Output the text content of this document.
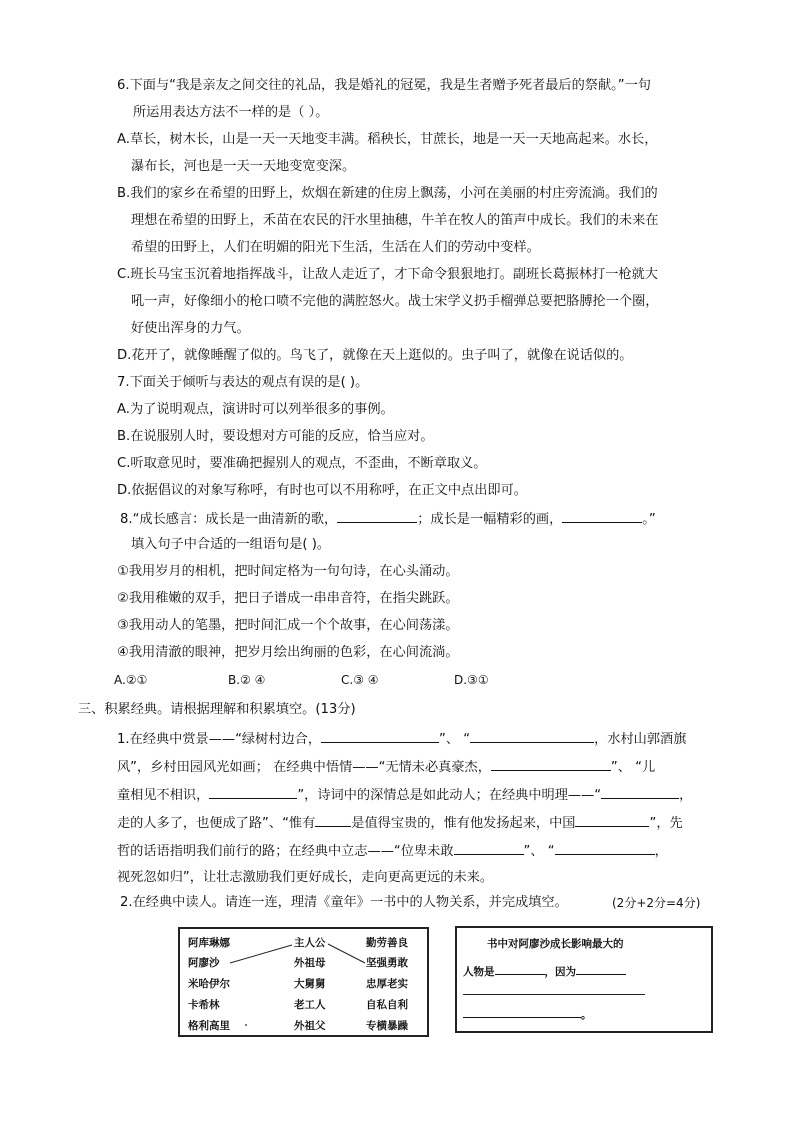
6.下面与“我是亲友之间交往的礼品，我是婚礼的冠冕，我是生者赠予死者最后的祭献。”一句
所运用表达方法不一样的是（ ）。
A.草长，树木长，山是一天一天地变丰满。稻秧长，甘蔗长，地是一天一天地高起来。水长，
瀑布长，河也是一天一天地变宽变深。
B.我们的家乡在希望的田野上，炊烟在新建的住房上飘荡，小河在美丽的村庄旁流淌。我们的
理想在希望的田野上，禾苗在农民的汗水里抽穗，牛羊在牧人的笛声中成长。我们的未来在
希望的田野上，人们在明媚的阳光下生活，生活在人们的劳动中变样。
C.班长马宝玉沉着地指挥战斗，让敌人走近了，才下命令狠狠地打。副班长葛振林打一枪就大
吼一声，好像细小的枪口喷不完他的满腔怒火。战士宋学义扔手榴弹总要把胳膊抡一个圈，
好使出浑身的力气。
D.花开了，就像睡醒了似的。鸟飞了，就像在天上逛似的。虫子叫了，就像在说话似的。
7.下面关于倾听与表达的观点有误的是( )。
A.为了说明观点，演讲时可以列举很多的事例。
B.在说服别人时，要设想对方可能的反应，恰当应对。
C.听取意见时，要准确把握别人的观点，不歪曲，不断章取义。
D.依据倡议的对象写称呼，有时也可以不用称呼，在正文中点出即可。
8.“成长感言：成长是一曲清新的歌，	；成长是一幅精彩的画，	。”
填入句子中合适的一组语句是( )。
①我用岁月的相机，把时间定格为一句句诗，在心头涌动。
②我用稚嫩的双手，把日子谱成一串串音符，在指尖跳跃。
③我用动人的笔墨，把时间汇成一个个故事，在心间荡漾。
④我用清澈的眼神，把岁月绘出绚丽的色彩，在心间流淌。
A.②①	B.② ④	C.③ ④	D.③①
三、积累经典。请根据理解和积累填空。(13分)
1.在经典中赏景——“绿树村边合，	”、 “	，水村山郭酒旗
风”，乡村田园风光如画； 在经典中悟情——“无情未必真豪杰，	”、 “儿
童相见不相识，	”，诗词中的深情总是如此动人；在经典中明理——“	，
走的人多了，也便成了路”、“惟有	是值得宝贵的，惟有他发扬起来，中国	”，先
哲的话语指明我们前行的路；在经典中立志——“位卑未敢	”、 “	，
视死忽如归”，让壮志激励我们更好成长，走向更高更远的未来。
2.在经典中读人。请连一连，理清《童年》一书中的人物关系，并完成填空。	(2分+2分=4分)
阿库琳娜
阿廖沙
米哈伊尔
卡希林
格利高里
主人公
外祖母
大舅舅
老工人
外祖父
勤劳善良
坚强勇敢
忠厚老实
自私自利
专横暴躁
书中对阿廖沙成长影响最大的
人物是	，因为
。
